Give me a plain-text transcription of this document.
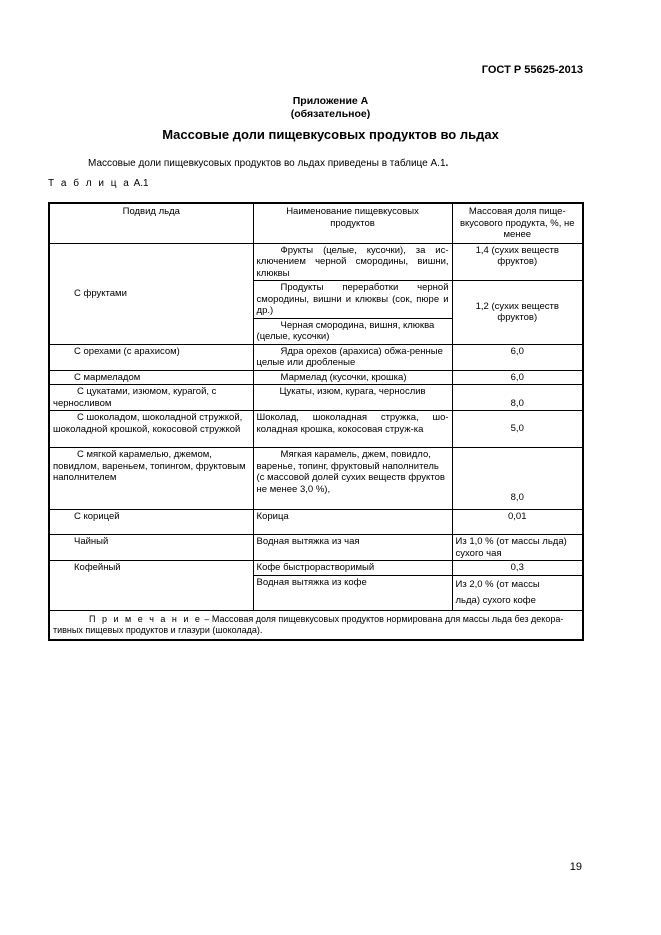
ГОСТ Р 55625-2013
Приложение А
(обязательное)
Массовые доли пищевкусовых продуктов во льдах
Массовые доли пищевкусовых продуктов во льдах приведены в таблице А.1.
Т а б л и ц а А.1
Подвид льда	Наименование пищевкусовых продуктов	Массовая доля пище-вкусового продукта, %, не менее
С фруктами	Фрукты (целые, кусочки), за ис-ключением черной смородины, вишни, клюквы	1,4 (сухих веществ фруктов)
	Продукты переработки черной смородины, вишни и клюквы (сок, пюре и др.)	1,2 (сухих веществ фруктов)
	Черная смородина, вишня, клюква (целые, кусочки)	
С орехами (с арахисом)	Ядра орехов (арахиса) обжа-ренные целые или дробленые	6,0
С мармеладом	Мармелад (кусочки, крошка)	6,0
С цукатами, изюмом, курагой, с черносливом	Цукаты, изюм, курага, чернослив	8,0
С шоколадом, шоколадной стружкой, шоколадной крошкой, кокосовой стружкой	Шоколад, шоколадная стружка, шо-коладная крошка, кокосовая струж-ка	5,0
С мягкой карамелью, джемом, повидлом, вареньем, топингом, фруктовым наполнителем	Мягкая карамель, джем, повидло, варенье, топинг, фруктовый наполнитель (с массовой долей сухих веществ фруктов не менее 3,0 %),	8,0
С корицей	Корица	0,01
Чайный	Водная вытяжка из чая	Из 1,0 % (от массы льда) сухого чая
Кофейный	Кофе быстрорастворимый	0,3
	Водная вытяжка из кофе	Из 2,0 % (от массы
льда) сухого кофе

П р и м е ч а н и е – Массовая доля пищевкусовых продуктов нормирована для массы льда без декора-тивных пищевых продуктов и глазури (шоколада).		
19
